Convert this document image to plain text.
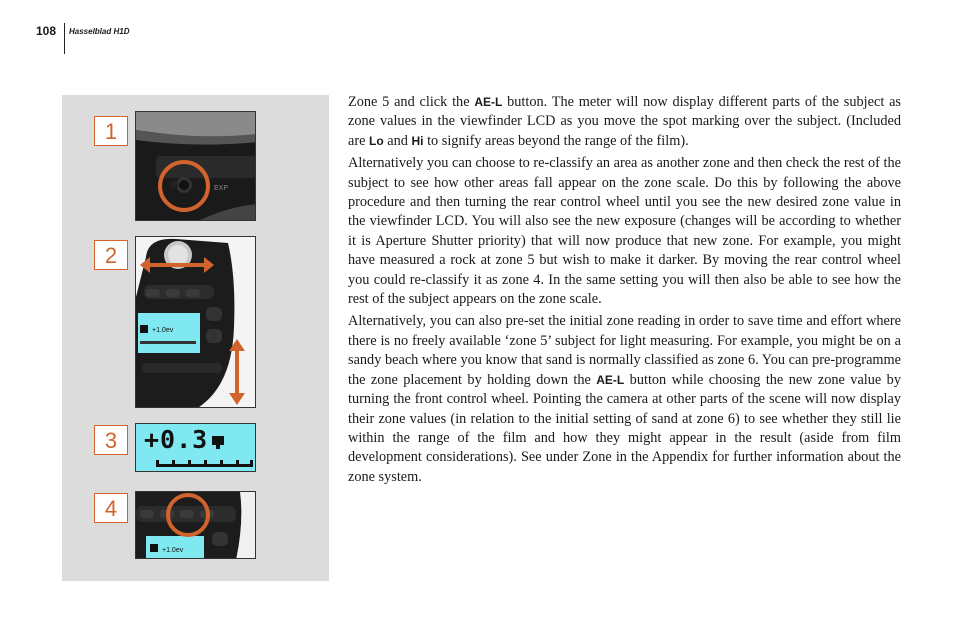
108 Hasselblad H1D
1
EXP
2
+1.0ev
3	+0.3
4
+1.0ev

Zone 5 and click the AE-L button. The meter will now display different parts of the subject as zone values in the viewfinder LCD as you move the spot marking over the subject. (Included are Lo and Hi to signify areas beyond the range of the film).

Alternatively you can choose to re-classify an area as another zone and then check the rest of the subject to see how other areas fall appear on the zone scale. Do this by following the above procedure and then turning the rear control wheel until you see the new desired zone value in the viewfinder LCD. You will also see the new exposure (changes will be according to whether it is Aperture Shutter priority) that will now produce that new zone. For example, you might have measured a rock at zone 5 but wish to make it darker. By moving the rear control wheel you could re-classify it as zone 4. In the same setting you will then also be able to see how the rest of the subject appears on the zone scale.

Alternatively, you can also pre-set the initial zone reading in order to save time and effort where there is no freely available ‘zone 5’ subject for light measuring. For example, you might be on a sandy beach where you know that sand is normally classified as zone 6. You can pre-programme the zone placement by holding down the AE-L button while choosing the new zone value by turning the front control wheel. Pointing the camera at other parts of the scene will now display their zone values (in relation to the initial setting of sand at zone 6) to see whether they still lie within the range of the film and how they might appear in the result (aside from film development considerations). See under Zone in the Appendix for further information about the zone system.
